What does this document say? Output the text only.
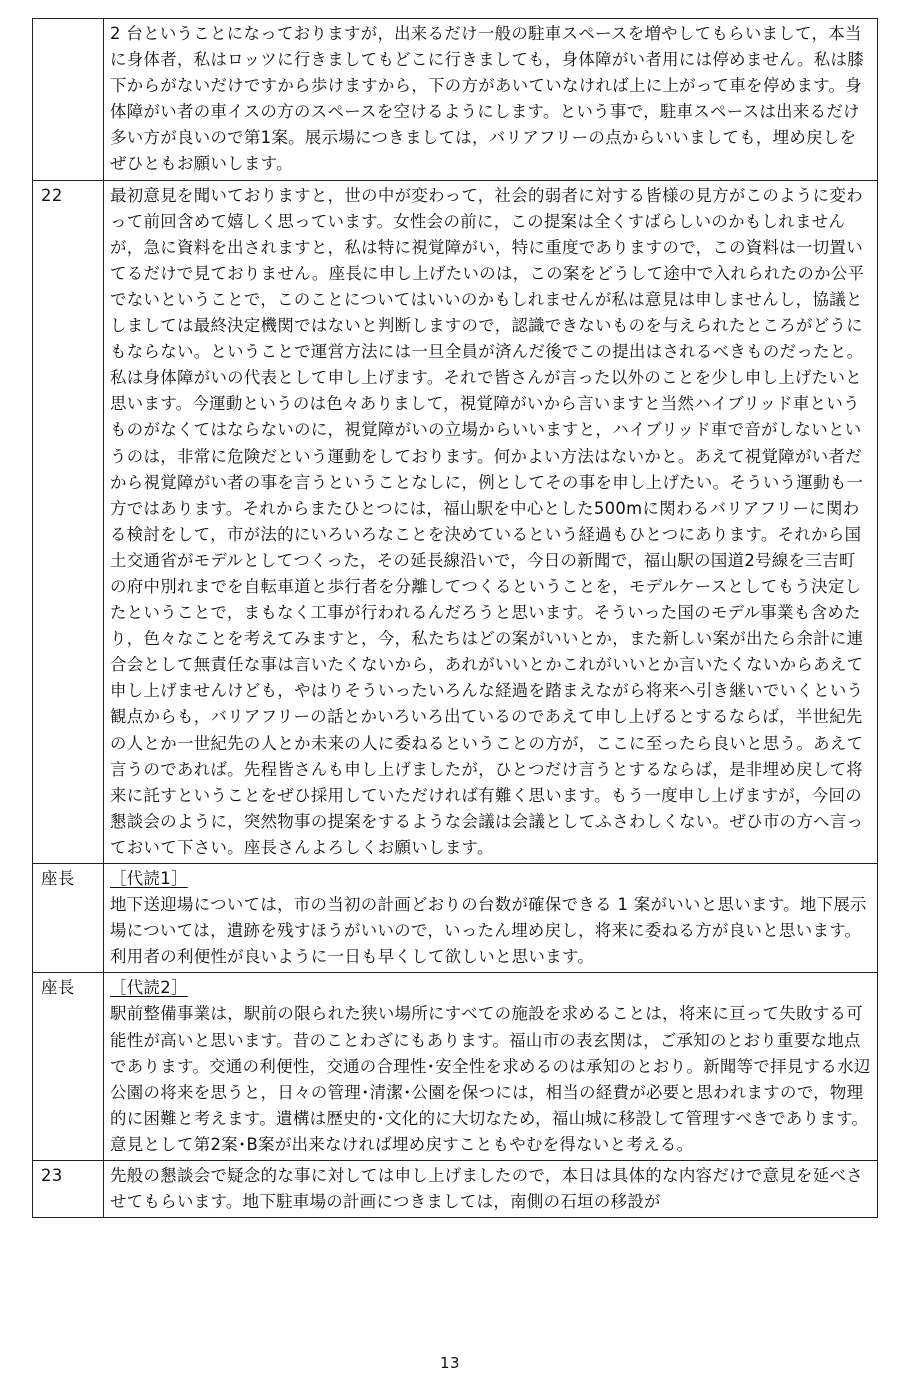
	2 台ということになっておりますが，出来るだけ一般の駐車スペースを増やしてもらいまして，本当に身体者，私はロッツに行きましてもどこに行きましても，身体障がい者用には停めません。私は膝下からがないだけですから歩けますから，下の方があいていなければ上に上がって車を停めます。身体障がい者の車イスの方のスペースを空けるようにします。という事で，駐車スペースは出来るだけ多い方が良いので第1案。展示場につきましては，バリアフリーの点からいいましても，埋め戻しをぜひともお願いします。

22	最初意見を聞いておりますと，世の中が変わって，社会的弱者に対する皆様の見方がこのように変わって前回含めて嬉しく思っています。女性会の前に，この提案は全くすばらしいのかもしれませんが，急に資料を出されますと，私は特に視覚障がい，特に重度でありますので，この資料は一切置いてるだけで見ておりません。座長に申し上げたいのは，この案をどうして途中で入れられたのか公平でないということで，このことについてはいいのかもしれませんが私は意見は申しませんし，協議としましては最終決定機関ではないと判断しますので，認識できないものを与えられたところがどうにもならない。ということで運営方法には一旦全員が済んだ後でこの提出はされるべきものだったと。私は身体障がいの代表として申し上げます。それで皆さんが言った以外のことを少し申し上げたいと思います。今運動というのは色々ありまして，視覚障がいから言いますと当然ハイブリッド車というものがなくてはならないのに，視覚障がいの立場からいいますと，ハイブリッド車で音がしないというのは，非常に危険だという運動をしております。何かよい方法はないかと。あえて視覚障がい者だから視覚障がい者の事を言うということなしに，例としてその事を申し上げたい。そういう運動も一方ではあります。それからまたひとつには，福山駅を中心とした500mに関わるバリアフリーに関わる検討をして，市が法的にいろいろなことを決めているという経過もひとつにあります。それから国土交通省がモデルとしてつくった，その延長線沿いで，今日の新聞で，福山駅の国道2号線を三吉町の府中別れまでを自転車道と歩行者を分離してつくるということを，モデルケースとしてもう決定したということで，まもなく工事が行われるんだろうと思います。そういった国のモデル事業も含めたり，色々なことを考えてみますと，今，私たちはどの案がいいとか，また新しい案が出たら余計に連合会として無責任な事は言いたくないから，あれがいいとかこれがいいとか言いたくないからあえて申し上げませんけども，やはりそういったいろんな経過を踏まえながら将来へ引き継いでいくという観点からも，バリアフリーの話とかいろいろ出ているのであえて申し上げるとするならば，半世紀先の人とか一世紀先の人とか未来の人に委ねるということの方が，ここに至ったら良いと思う。あえて言うのであれば。先程皆さんも申し上げましたが，ひとつだけ言うとするならば，是非埋め戻して将来に託すということをぜひ採用していただければ有難く思います。もう一度申し上げますが，今回の懇談会のように，突然物事の提案をするような会議は会議としてふさわしくない。ぜひ市の方へ言っておいて下さい。座長さんよろしくお願いします。

座長	［代読1］
地下送迎場については，市の当初の計画どおりの台数が確保できる 1 案がいいと思います。地下展示場については，遺跡を残すほうがいいので，いったん埋め戻し，将来に委ねる方が良いと思います。利用者の利便性が良いように一日も早くして欲しいと思います。

座長	［代読2］
駅前整備事業は，駅前の限られた狭い場所にすべての施設を求めることは，将来に亘って失敗する可能性が高いと思います。昔のことわざにもあります。福山市の表玄関は，ご承知のとおり重要な地点であります。交通の利便性，交通の合理性･安全性を求めるのは承知のとおり。新聞等で拝見する水辺公園の将来を思うと，日々の管理･清潔･公園を保つには，相当の経費が必要と思われますので，物理的に困難と考えます。遺構は歴史的･文化的に大切なため，福山城に移設して管理すべきであります。意見として第2案･B案が出来なければ埋め戻すこともやむを得ないと考える。

23	先般の懇談会で疑念的な事に対しては申し上げましたので，本日は具体的な内容だけで意見を延べさせてもらいます。地下駐車場の計画につきましては，南側の石垣の移設が
13
